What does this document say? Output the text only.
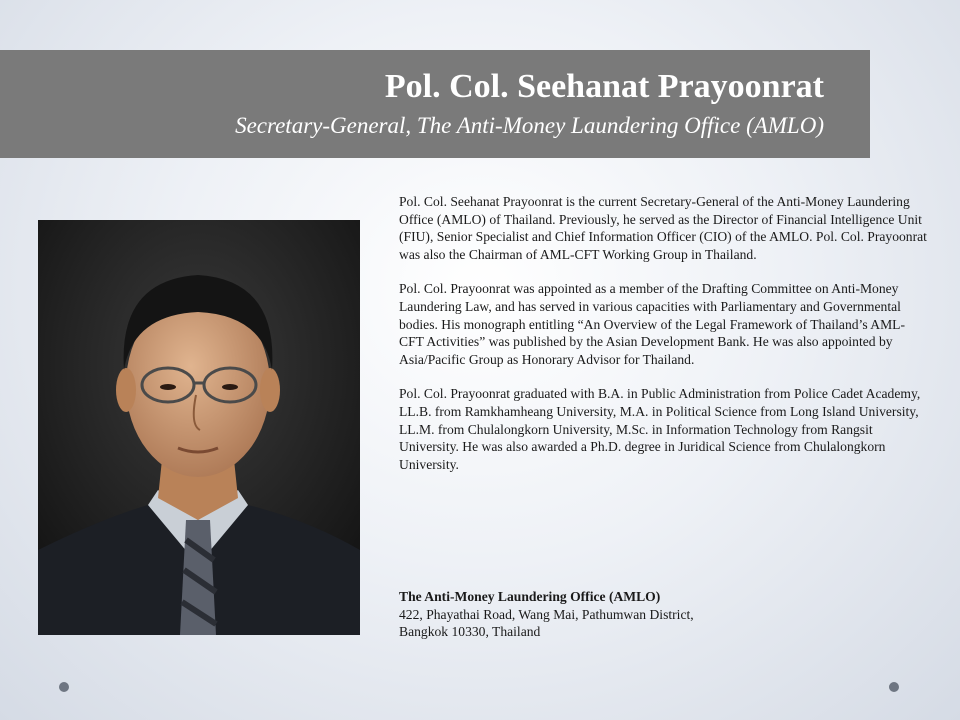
Pol. Col. Seehanat Prayoonrat
Secretary-General, The Anti-Money Laundering Office (AMLO)

Pol. Col. Seehanat Prayoonrat is the current Secretary-General of the Anti-Money Laundering Office (AMLO) of Thailand. Previously, he served as the Director of Financial Intelligence Unit (FIU), Senior Specialist and Chief Information Officer (CIO) of the AMLO. Pol. Col. Prayoonrat was also the Chairman of AML-CFT Working Group in Thailand.

Pol. Col. Prayoonrat was appointed as a member of the Drafting Committee on Anti-Money Laundering Law, and has served in various capacities with Parliamentary and Governmental bodies. His monograph entitling “An Overview of the Legal Framework of Thailand’s AML-CFT Activities” was published by the Asian Development Bank. He was also appointed by Asia/Pacific Group as Honorary Advisor for Thailand.

Pol. Col. Prayoonrat graduated with B.A. in Public Administration from Police Cadet Academy, LL.B. from Ramkhamheang University, M.A. in Political Science from Long Island University, LL.M. from Chulalongkorn University, M.Sc. in Information Technology from Rangsit University. He was also awarded a Ph.D. degree in Juridical Science from Chulalongkorn University.

The Anti-Money Laundering Office (AMLO)
422, Phayathai Road, Wang Mai, Pathumwan District,
Bangkok 10330, Thailand
